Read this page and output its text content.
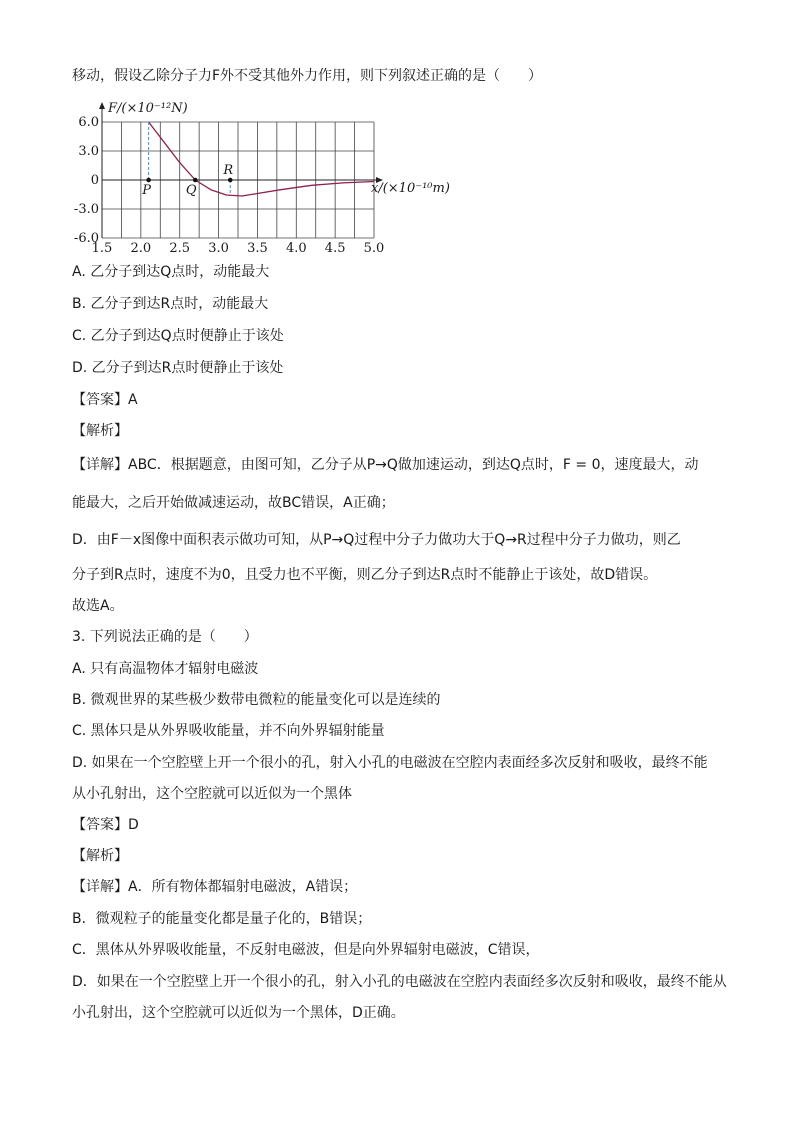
移动，假设乙除分子力F外不受其他外力作用，则下列叙述正确的是（　　）
1.5 2.0 2.5 3.0 3.5 4.0 4.5 5.0
6.0
3.0
0
-3.0
-6.0
F/(×10⁻¹²N)
x/(×10⁻¹⁰m)
P	Q
R
A. 乙分子到达Q点时，动能最大
B. 乙分子到达R点时，动能最大
C. 乙分子到达Q点时便静止于该处
D. 乙分子到达R点时便静止于该处
【答案】A
【解析】
【详解】ABC．根据题意，由图可知，乙分子从P→Q做加速运动，到达Q点时，F = 0，速度最大，动
能最大，之后开始做减速运动，故BC错误，A正确；
D．由F－x图像中面积表示做功可知，从P→Q过程中分子力做功大于Q→R过程中分子力做功，则乙
分子到R点时，速度不为0，且受力也不平衡，则乙分子到达R点时不能静止于该处，故D错误。
故选A。
3. 下列说法正确的是（　　）
A. 只有高温物体才辐射电磁波
B. 微观世界的某些极少数带电微粒的能量变化可以是连续的
C. 黑体只是从外界吸收能量，并不向外界辐射能量
D. 如果在一个空腔壁上开一个很小的孔，射入小孔的电磁波在空腔内表面经多次反射和吸收，最终不能
从小孔射出，这个空腔就可以近似为一个黑体
【答案】D
【解析】
【详解】A．所有物体都辐射电磁波，A错误；
B．微观粒子的能量变化都是量子化的，B错误；
C．黑体从外界吸收能量，不反射电磁波，但是向外界辐射电磁波，C错误，
D．如果在一个空腔壁上开一个很小的孔，射入小孔的电磁波在空腔内表面经多次反射和吸收，最终不能从
小孔射出，这个空腔就可以近似为一个黑体，D正确。
